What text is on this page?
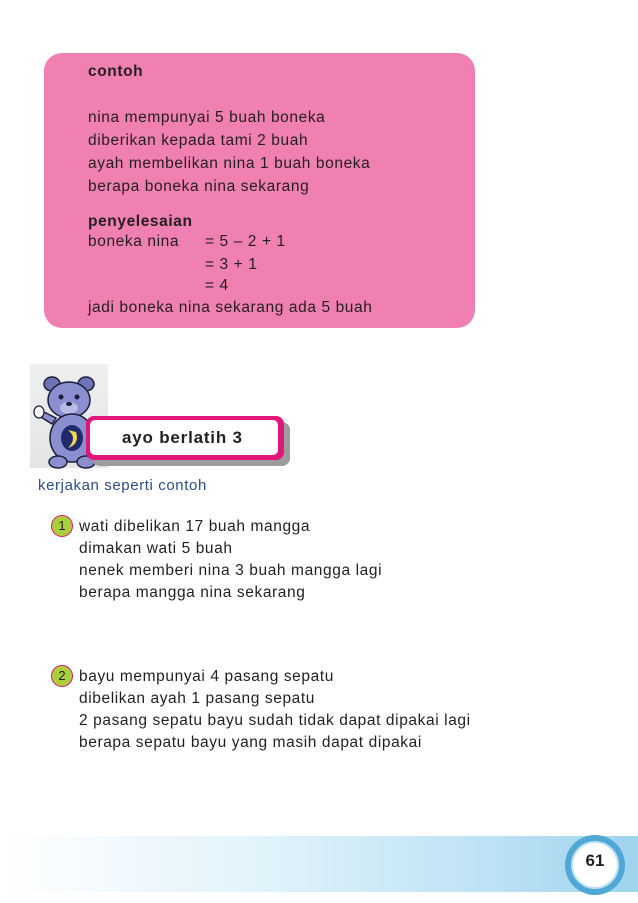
contoh
nina mempunyai 5 buah boneka
diberikan kepada tami 2 buah
ayah membelikan nina 1 buah boneka
berapa boneka nina sekarang
penyelesaian
boneka nina = 5 – 2 + 1
= 3 + 1
= 4
jadi boneka nina sekarang ada 5 buah
ayo berlatih 3
kerjakan seperti contoh
1 wati dibelikan 17 buah mangga
dimakan wati 5 buah
nenek memberi nina 3 buah mangga lagi
berapa mangga nina sekarang
2 bayu mempunyai 4 pasang sepatu
dibelikan ayah 1 pasang sepatu
2 pasang sepatu bayu sudah tidak dapat dipakai lagi
berapa sepatu bayu yang masih dapat dipakai
61
